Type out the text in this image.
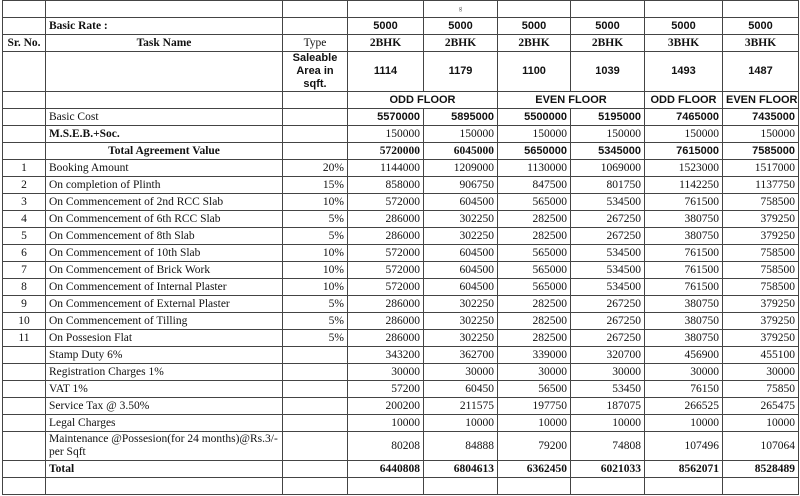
				g				
	Basic Rate :		5000	5000	5000	5000	5000	5000
Sr. No.	Task Name	Type	2BHK	2BHK	2BHK	2BHK	3BHK	3BHK
		Saleable Area in sqft.	1114	1179	1100	1039	1493	1487
			ODD FLOOR		EVEN FLOOR		ODD FLOOR	EVEN FLOOR
	Basic Cost		5570000	5895000	5500000	5195000	7465000	7435000
	M.S.E.B.+Soc.		150000	150000	150000	150000	150000	150000
	Total Agreement Value		5720000	6045000	5650000	5345000	7615000	7585000
1	Booking Amount	20%	1144000	1209000	1130000	1069000	1523000	1517000
2	On completion of Plinth	15%	858000	906750	847500	801750	1142250	1137750
3	On Commencement of 2nd RCC Slab	10%	572000	604500	565000	534500	761500	758500
4	On Commencement of 6th RCC Slab	5%	286000	302250	282500	267250	380750	379250
5	On Commencement of 8th Slab	5%	286000	302250	282500	267250	380750	379250
6	On Commencement of 10th Slab	10%	572000	604500	565000	534500	761500	758500
7	On Commencement of Brick Work	10%	572000	604500	565000	534500	761500	758500
8	On Commencement of Internal Plaster	10%	572000	604500	565000	534500	761500	758500
9	On Commencement of External Plaster	5%	286000	302250	282500	267250	380750	379250
10	On Commencement of Tilling	5%	286000	302250	282500	267250	380750	379250
11	On Possesion Flat	5%	286000	302250	282500	267250	380750	379250
	Stamp Duty 6%		343200	362700	339000	320700	456900	455100
	Registration Charges 1%		30000	30000	30000	30000	30000	30000
	VAT 1%		57200	60450	56500	53450	76150	75850
	Service Tax @ 3.50%		200200	211575	197750	187075	266525	265475
	Legal Charges		10000	10000	10000	10000	10000	10000
	Maintenance @Possesion(for 24 months)@Rs.3/- per Sqft		80208	84888	79200	74808	107496	107064
	Total		6440808	6804613	6362450	6021033	8562071	8528489
